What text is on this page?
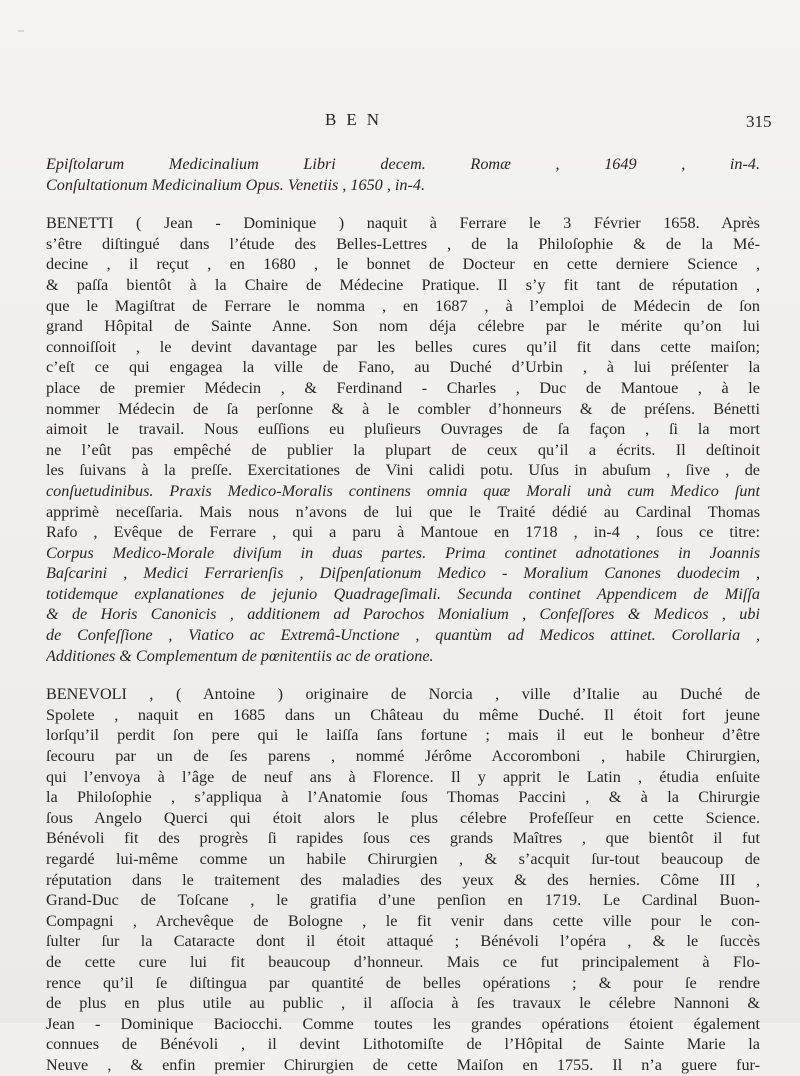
BEN	315
Epiſtolarum Medicinalium Libri decem. Romæ , 1649 , in-4.
Conſultationum Medicinalium Opus. Venetiis , 1650 , in-4.
BENETTI ( Jean - Dominique ) naquit à Ferrare le 3 Février 1658. Après
s’être diſtingué dans l’étude des Belles-Lettres , de la Philoſophie & de la Mé-
decine , il reçut , en 1680 , le bonnet de Docteur en cette derniere Science ,
& paſſa bientôt à la Chaire de Médecine Pratique. Il s’y fit tant de réputation ,
que le Magiſtrat de Ferrare le nomma , en 1687 , à l’emploi de Médecin de ſon
grand Hôpital de Sainte Anne. Son nom déja célebre par le mérite qu’on lui
connoiſſoit , le devint davantage par les belles cures qu’il fit dans cette maiſon;
c’eſt ce qui engagea la ville de Fano, au Duché d’Urbin , à lui préſenter la
place de premier Médecin , & Ferdinand - Charles , Duc de Mantoue , à le
nommer Médecin de ſa perſonne & à le combler d’honneurs & de préſens. Bénetti
aimoit le travail. Nous euſſions eu pluſieurs Ouvrages de ſa façon , ſi la mort
ne l’eût pas empêché de publier la plupart de ceux qu’il a écrits. Il deſtinoit
les ſuivans à la preſſe. Exercitationes de Vini calidi potu. Uſus in abuſum , ſive , de
conſuetudinibus. Praxis Medico-Moralis continens omnia quæ Morali unà cum Medico ſunt
apprimè neceſſaria. Mais nous n’avons de lui que le Traité dédié au Cardinal Thomas
Rafo , Evêque de Ferrare , qui a paru à Mantoue en 1718 , in-4 , ſous ce titre:
Corpus Medico-Morale diviſum in duas partes. Prima continet adnotationes in Joannis
Baſcarini , Medici Ferrarienſis , Diſpenſationum Medico - Moralium Canones duodecim ,
totidemque explanationes de jejunio Quadrageſimali. Secunda continet Appendicem de Miſſa
& de Horis Canonicis , additionem ad Parochos Monialium , Confeſſores & Medicos , ubi
de Confeſſione , Viatico ac Extremâ-Unctione , quantùm ad Medicos attinet. Corollaria ,
Additiones & Complementum de pœnitentiis ac de oratione.
BENEVOLI , ( Antoine ) originaire de Norcia , ville d’Italie au Duché de
Spolete , naquit en 1685 dans un Château du même Duché. Il étoit fort jeune
lorſqu’il perdit ſon pere qui le laiſſa ſans fortune ; mais il eut le bonheur d’être
ſecouru par un de ſes parens , nommé Jérôme Accoromboni , habile Chirurgien,
qui l’envoya à l’âge de neuf ans à Florence. Il y apprit le Latin , étudia enſuite
la Philoſophie , s’appliqua à l’Anatomie ſous Thomas Paccini , & à la Chirurgie
ſous Angelo Querci qui étoit alors le plus célebre Profeſſeur en cette Science.
Bénévoli fit des progrès ſi rapides ſous ces grands Maîtres , que bientôt il fut
regardé lui-même comme un habile Chirurgien , & s’acquit ſur-tout beaucoup de
réputation dans le traitement des maladies des yeux & des hernies. Côme III ,
Grand-Duc de Toſcane , le gratifia d’une penſion en 1719. Le Cardinal Buon-
Compagni , Archevêque de Bologne , le fit venir dans cette ville pour le con-
ſulter ſur la Cataracte dont il étoit attaqué ; Bénévoli l’opéra , & le ſuccès
de cette cure lui fit beaucoup d’honneur. Mais ce fut principalement à Flo-
rence qu’il ſe diſtingua par quantité de belles opérations ; & pour ſe rendre
de plus en plus utile au public , il aſſocia à ſes travaux le célebre Nannoni &
Jean - Dominique Baciocchi. Comme toutes les grandes opérations étoient également
connues de Bénévoli , il devint Lithotomiſte de l’Hôpital de Sainte Marie la
Neuve , & enfin premier Chirurgien de cette Maiſon en 1755. Il n’a guere fur-
